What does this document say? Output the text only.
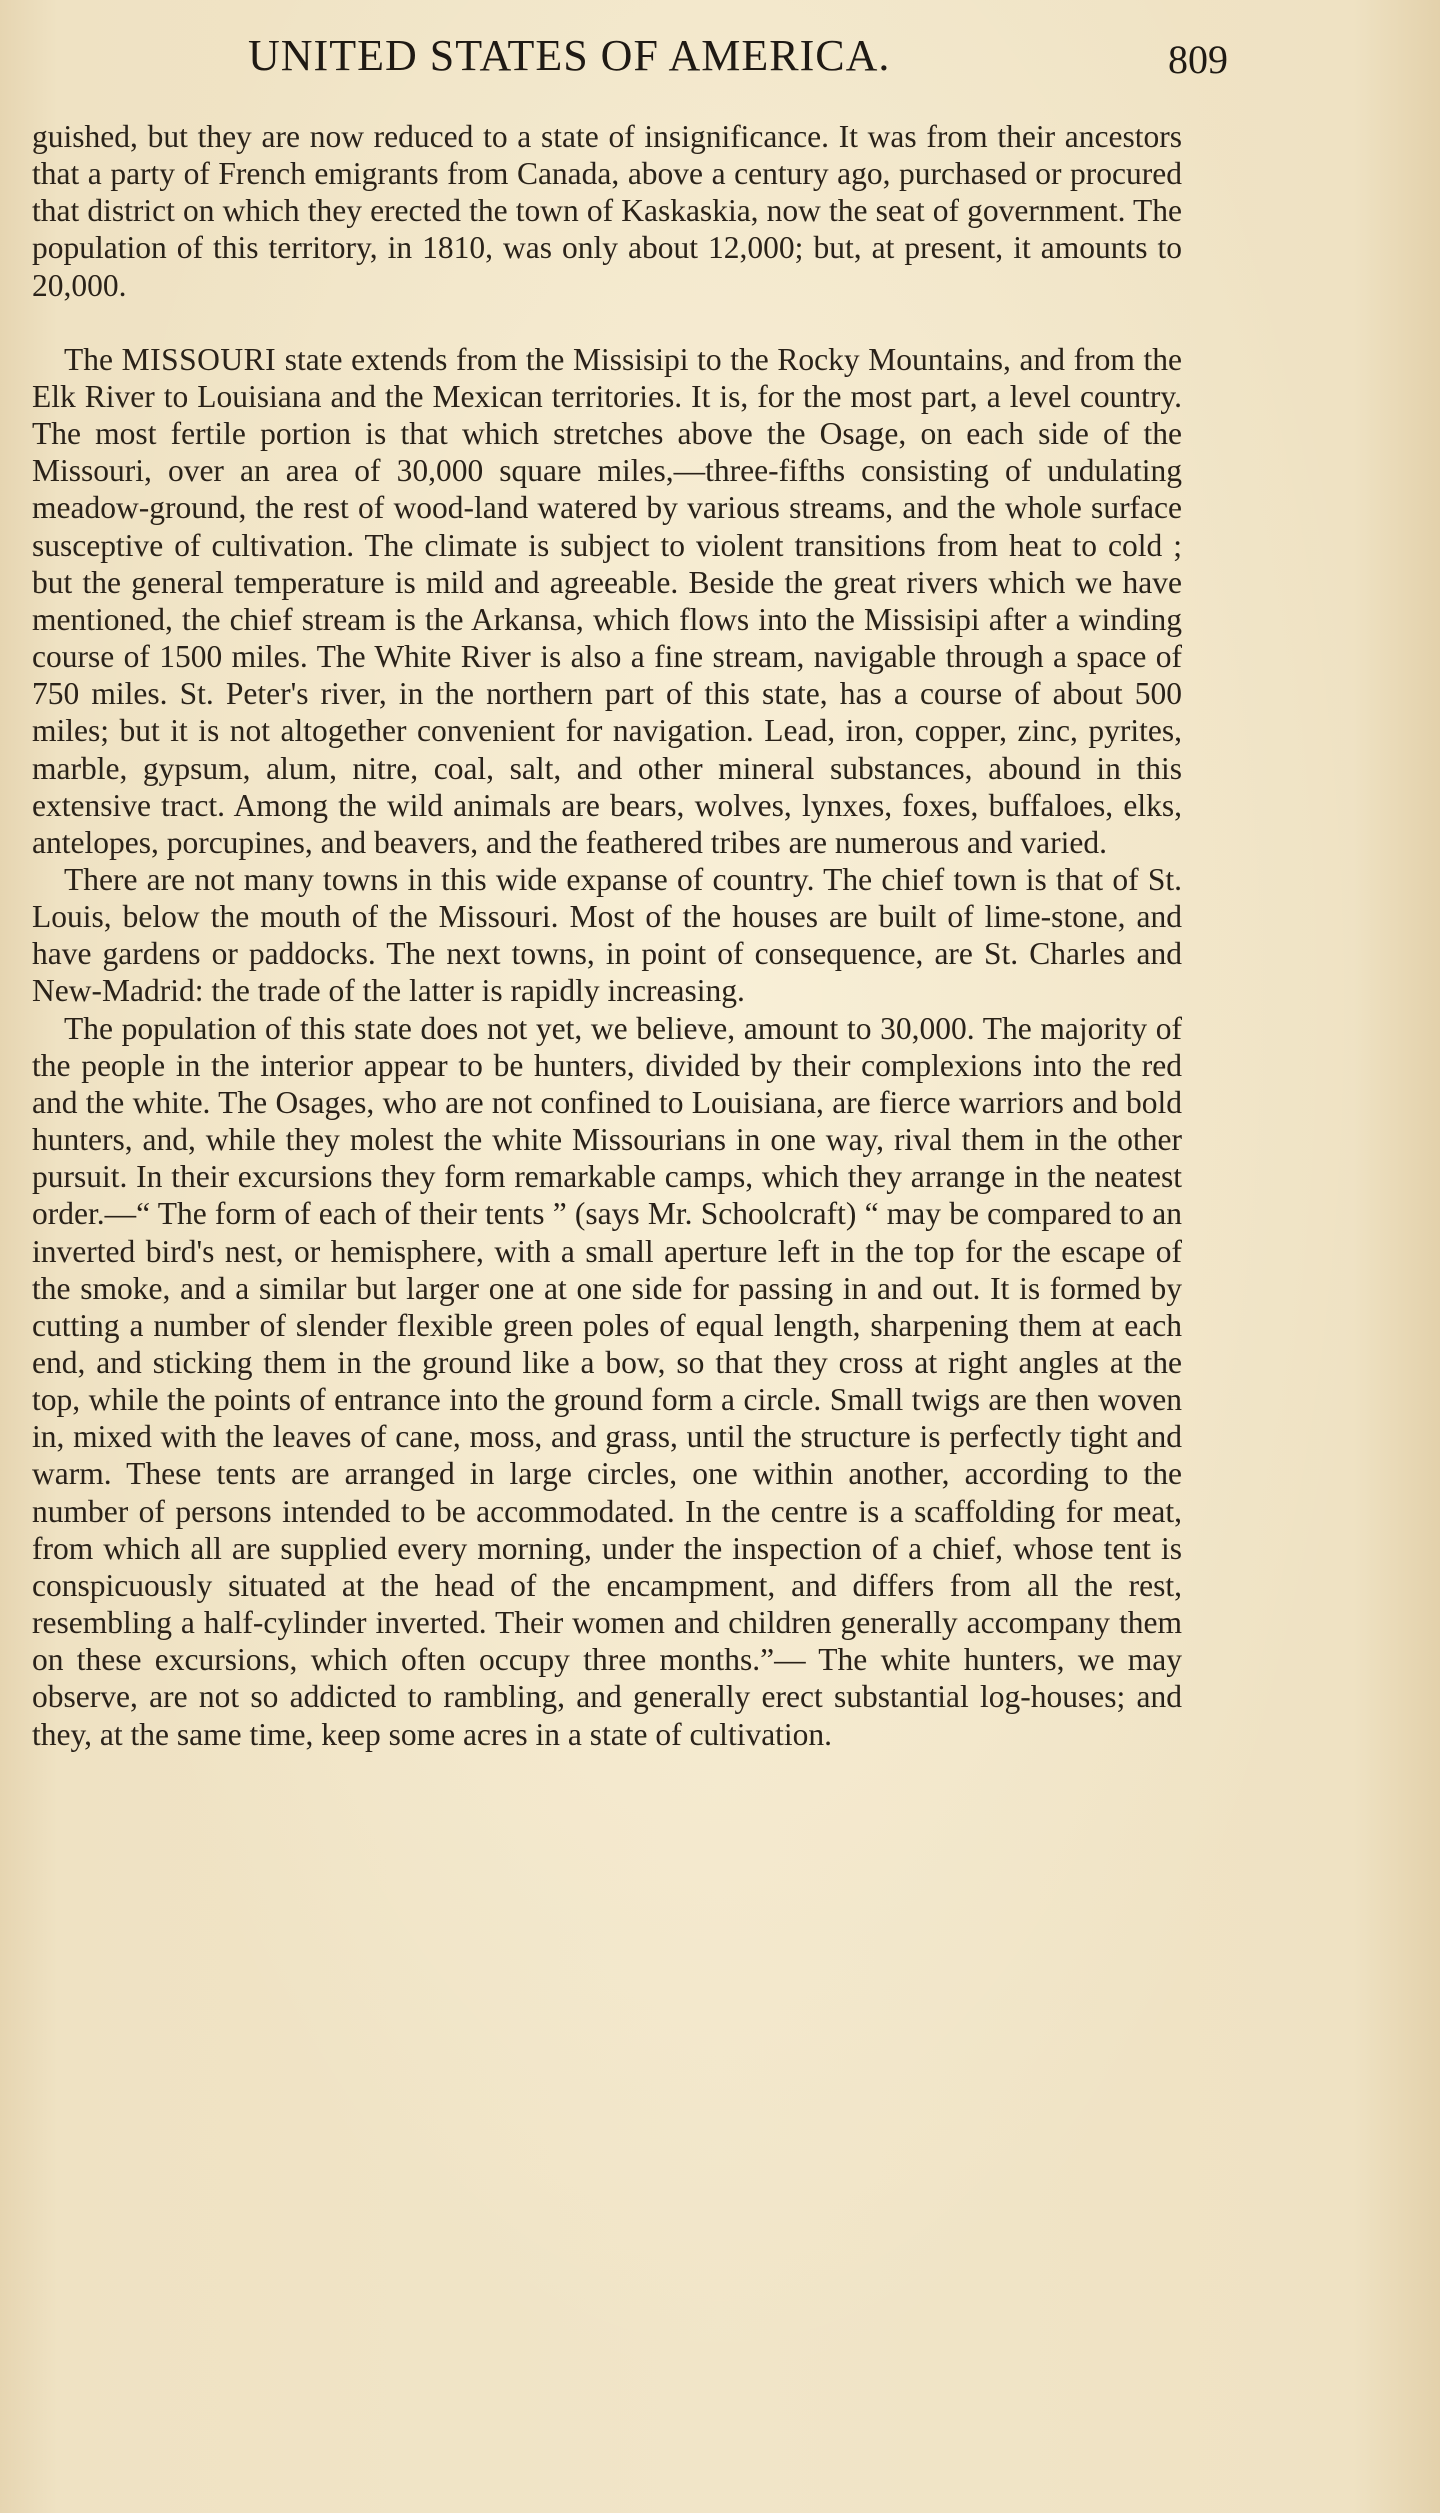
UNITED STATES OF AMERICA.	809

guished, but they are now reduced to a state of insignificance. It was from their ancestors that a party of French emigrants from Canada, above a century ago, purchased or procured that district on which they erected the town of Kaskaskia, now the seat of government. The population of this territory, in 1810, was only about 12,000; but, at present, it amounts to 20,000.

The MISSOURI state extends from the Missisipi to the Rocky Mountains, and from the Elk River to Louisiana and the Mexican territories. It is, for the most part, a level country. The most fertile portion is that which stretches above the Osage, on each side of the Missouri, over an area of 30,000 square miles,—three-fifths consisting of undulating meadow-ground, the rest of wood-land watered by various streams, and the whole surface susceptive of cultivation. The climate is subject to violent transitions from heat to cold ; but the general temperature is mild and agreeable. Beside the great rivers which we have mentioned, the chief stream is the Arkansa, which flows into the Missisipi after a winding course of 1500 miles. The White River is also a fine stream, navigable through a space of 750 miles. St. Peter's river, in the northern part of this state, has a course of about 500 miles; but it is not altogether convenient for navigation. Lead, iron, copper, zinc, pyrites, marble, gypsum, alum, nitre, coal, salt, and other mineral substances, abound in this extensive tract. Among the wild animals are bears, wolves, lynxes, foxes, buffaloes, elks, antelopes, porcupines, and beavers, and the feathered tribes are numerous and varied.

There are not many towns in this wide expanse of country. The chief town is that of St. Louis, below the mouth of the Missouri. Most of the houses are built of lime-stone, and have gardens or paddocks. The next towns, in point of consequence, are St. Charles and New-Madrid: the trade of the latter is rapidly increasing.

The population of this state does not yet, we believe, amount to 30,000. The majority of the people in the interior appear to be hunters, divided by their complexions into the red and the white. The Osages, who are not confined to Louisiana, are fierce warriors and bold hunters, and, while they molest the white Missourians in one way, rival them in the other pursuit. In their excursions they form remarkable camps, which they arrange in the neatest order.—“ The form of each of their tents ” (says Mr. Schoolcraft) “ may be compared to an inverted bird's nest, or hemisphere, with a small aperture left in the top for the escape of the smoke, and a similar but larger one at one side for passing in and out. It is formed by cutting a number of slender flexible green poles of equal length, sharpening them at each end, and sticking them in the ground like a bow, so that they cross at right angles at the top, while the points of entrance into the ground form a circle. Small twigs are then woven in, mixed with the leaves of cane, moss, and grass, until the structure is perfectly tight and warm. These tents are arranged in large circles, one within another, according to the number of persons intended to be accommodated. In the centre is a scaffolding for meat, from which all are supplied every morning, under the inspection of a chief, whose tent is conspicuously situated at the head of the encampment, and differs from all the rest, resembling a half-cylinder inverted. Their women and children generally accompany them on these excursions, which often occupy three months.”— The white hunters, we may observe, are not so addicted to rambling, and generally erect substantial log-houses; and they, at the same time, keep some acres in a state of cultivation.
